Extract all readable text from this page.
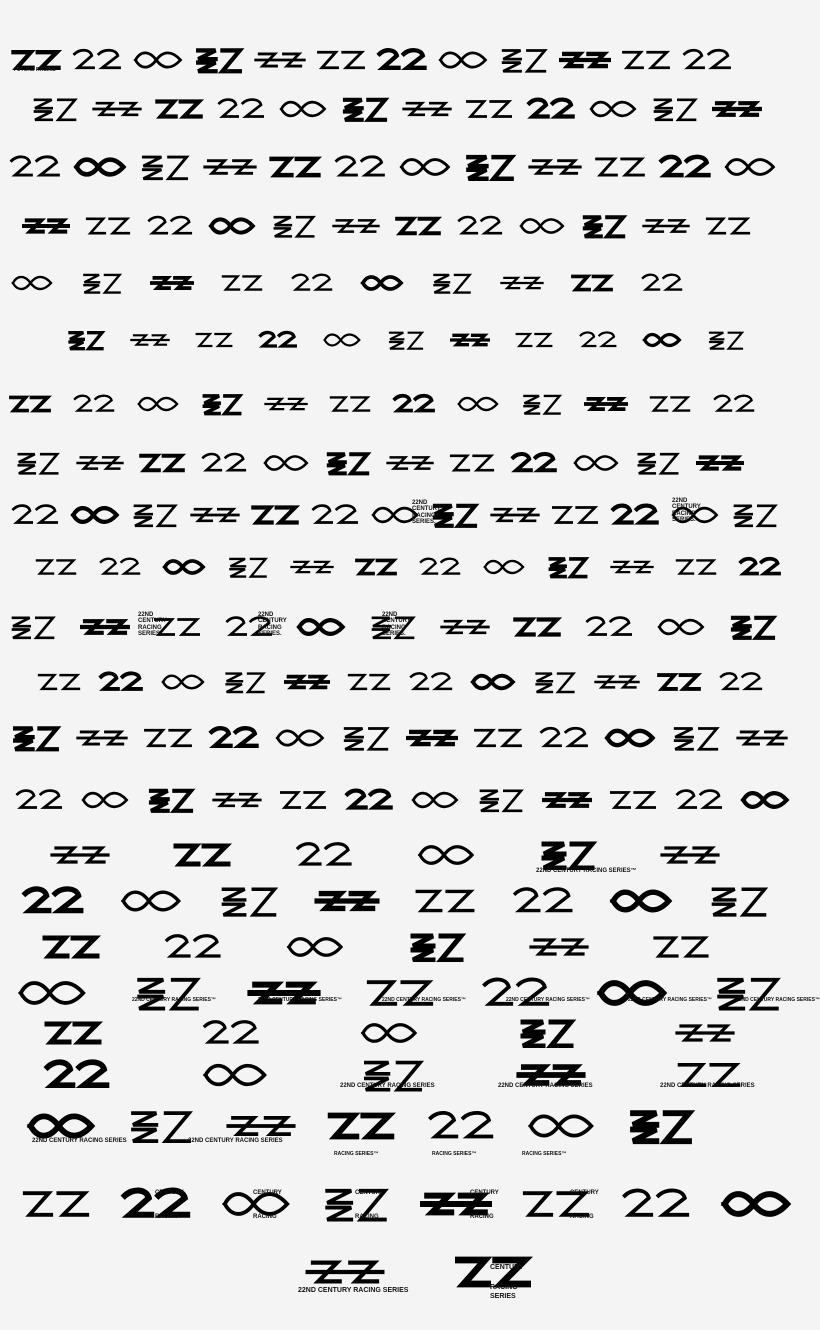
22ND
CENTURY
RACING
SERIES.
22ND
CENTURY
RACING
SERIES.
22ND
CENTURY
RACING
SERIES.
22ND
CENTURY
RACING
SERIES.
22ND
CENTURY
RACING
SERIES.
22ND CENTURY RACING SERIES™
22ND CENTURY RACING SERIES™	22ND CENTURY RACING SERIES™	22ND CENTURY RACING SERIES™	22ND CENTURY RACING SERIES™	22ND CENTURY RACING SERIES™	22ND CENTURY RACING SERIES™
22ND CENTURY RACING SERIES	22ND CENTURY RACING SERIES	22ND CENTURY RACING SERIES
22ND CENTURY RACING SERIES	22ND CENTURY RACING SERIES
RACING SERIES™	RACING SERIES™	RACING SERIES™
CENTURY
RACING
CENTURY
RACING
CENTURY
RACING
CENTURY
RACING
CENTURY
RACING
22ND CENTURY RACING SERIES
CENTURY
RACING
SERIES
FUTURE RACING
